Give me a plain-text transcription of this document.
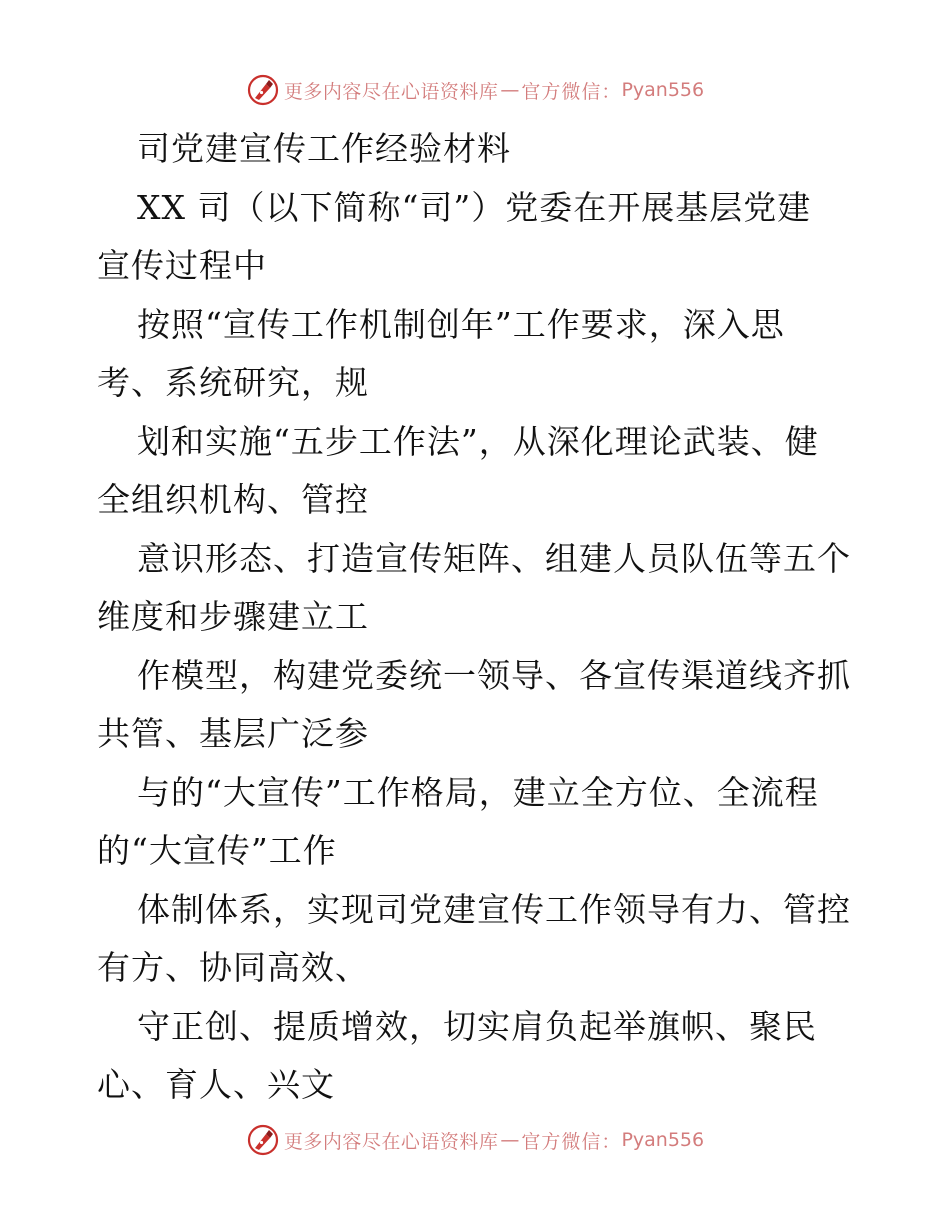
更多内容尽在心语资料库 — 官方微信： Pyan556
司党建宣传工作经验材料
XX 司（以下简称“司”）党委在开展基层党建
宣传过程中
按照“宣传工作机制创年”工作要求，深入思
考、系统研究，规
划和实施“五步工作法”，从深化理论武装、健
全组织机构、管控
意识形态、打造宣传矩阵、组建人员队伍等五个
维度和步骤建立工
作模型，构建党委统一领导、各宣传渠道线齐抓
共管、基层广泛参
与的“大宣传”工作格局，建立全方位、全流程
的“大宣传”工作
体制体系，实现司党建宣传工作领导有力、管控
有方、协同高效、
守正创、提质增效，切实肩负起举旗帜、聚民
心、育人、兴文
更多内容尽在心语资料库 — 官方微信： Pyan556
